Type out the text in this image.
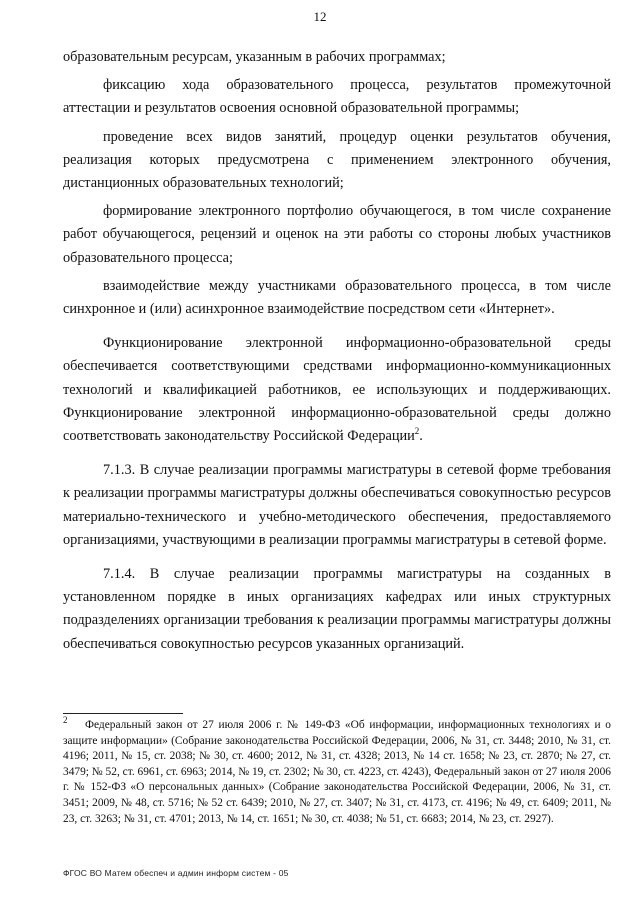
12

образовательным ресурсам, указанным в рабочих программах;

фиксацию хода образовательного процесса, результатов промежуточной аттестации и результатов освоения основной образовательной программы;

проведение всех видов занятий, процедур оценки результатов обучения, реализация которых предусмотрена с применением электронного обучения, дистанционных образовательных технологий;

формирование электронного портфолио обучающегося, в том числе сохранение работ обучающегося, рецензий и оценок на эти работы со стороны любых участников образовательного процесса;

взаимодействие между участниками образовательного процесса, в том числе синхронное и (или) асинхронное взаимодействие посредством сети «Интернет».

Функционирование электронной информационно-образовательной среды обеспечивается соответствующими средствами информационно-коммуникационных технологий и квалификацией работников, ее использующих и поддерживающих. Функционирование электронной информационно-образовательной среды должно соответствовать законодательству Российской Федерации$^2$.

7.1.3. В случае реализации программы магистратуры в сетевой форме требования к реализации программы магистратуры должны обеспечиваться совокупностью ресурсов материально-технического и учебно-методического обеспечения, предоставляемого организациями, участвующими в реализации программы магистратуры в сетевой форме.

7.1.4. В случае реализации программы магистратуры на созданных в установленном порядке в иных организациях кафедрах или иных структурных подразделениях организации требования к реализации программы магистратуры должны обеспечиваться совокупностью ресурсов указанных организаций.

$^2$ Федеральный закон от 27 июля 2006 г. № 149-ФЗ «Об информации, информационных технологиях и о защите информации» (Собрание законодательства Российской Федерации, 2006, № 31, ст. 3448; 2010, № 31, ст. 4196; 2011, № 15, ст. 2038; № 30, ст. 4600; 2012, № 31, ст. 4328; 2013, № 14 ст. 1658; № 23, ст. 2870; № 27, ст. 3479; № 52, ст. 6961, ст. 6963; 2014, № 19, ст. 2302; № 30, ст. 4223, ст. 4243), Федеральный закон от 27 июля 2006 г. № 152-ФЗ «О персональных данных» (Собрание законодательства Российской Федерации, 2006, № 31, ст. 3451; 2009, № 48, ст. 5716; № 52 ст. 6439; 2010, № 27, ст. 3407; № 31, ст. 4173, ст. 4196; № 49, ст. 6409; 2011, № 23, ст. 3263; № 31, ст. 4701; 2013, № 14, ст. 1651; № 30, ст. 4038; № 51, ст. 6683; 2014, № 23, ст. 2927).
ФГОС ВО Матем обеспеч и админ информ систем - 05
